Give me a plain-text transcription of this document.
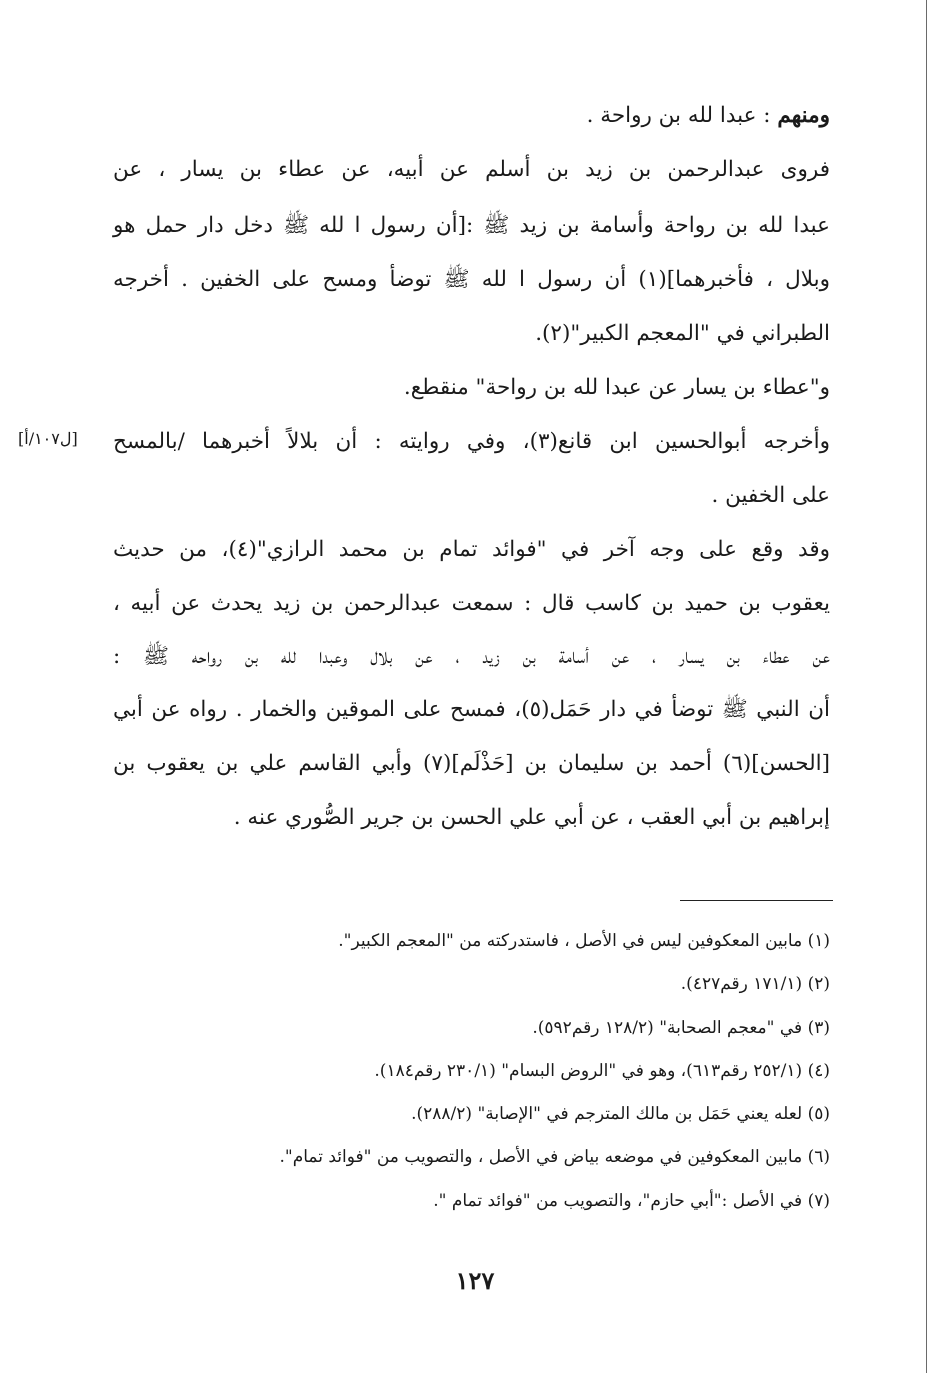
ومنهم : عبدا لله بن رواحة .
فروى عبدالرحمن بن زيد بن أسلم عن أبيه، عن عطاء بن يسار ، عن
عبدا لله بن رواحة وأسامة بن زيد ﷺ :[أن رسول ا لله ﷺ دخل دار حمل هو
وبلال ، فأخبرهما](١) أن رسول ا لله ﷺ توضأ ومسح على الخفين . أخرجه
الطبراني في "المعجم الكبير"(٢).
و"عطاء بن يسار عن عبدا لله بن رواحة" منقطع.
وأخرجه أبوالحسين ابن قانع(٣)، وفي روايته : أن بلالاً أخبرهما /بالمسح
[ل١٠٧/أ]
على الخفين .
وقد وقع على وجه آخر في "فوائد تمام بن محمد الرازي"(٤)، من حديث
يعقوب بن حميد بن كاسب قال : سمعت عبدالرحمن بن زيد يحدث عن أبيه ،
عن عطاء بن يسار ، عن أسامة بن زيد ، عن بلال وعبدا لله بن رواحه ﷺ :
أن النبي ﷺ توضأ في دار حَمَل(٥)، فمسح على الموقين والخمار . رواه عن أبي
[الحسن](٦) أحمد بن سليمان بن [حَذْلَم](٧) وأبي القاسم علي بن يعقوب بن
إبراهيم بن أبي العقب ، عن أبي علي الحسن بن جرير الصُّوري عنه .
(١) مابين المعكوفين ليس في الأصل ، فاستدركته من "المعجم الكبير".
(٢) (١٧١/١ رقم٤٢٧).
(٣) في "معجم الصحابة" (١٢٨/٢ رقم٥٩٢).
(٤) (٢٥٢/١ رقم٦١٣)، وهو في "الروض البسام" (٢٣٠/١ رقم١٨٤).
(٥) لعله يعني حَمَل بن مالك المترجم في "الإصابة" (٢٨٨/٢).
(٦) مابين المعكوفين في موضعه بياض في الأصل ، والتصويب من "فوائد تمام".
(٧) في الأصل :"أبي حازم"، والتصويب من "فوائد تمام ".
١٢٧
